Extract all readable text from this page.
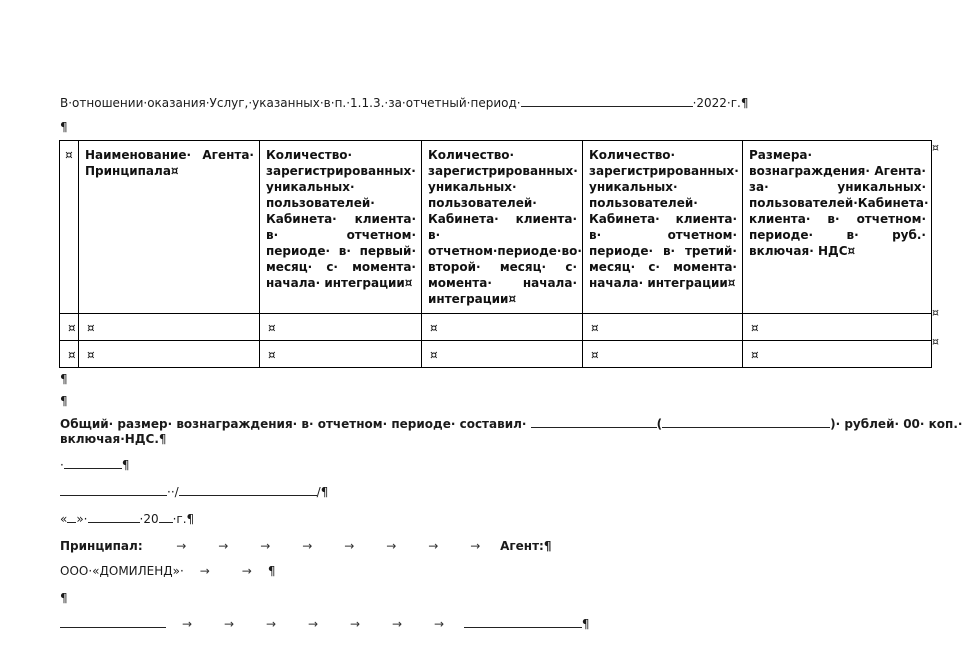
В·отношении·оказания·Услуг,·указанных·в·п.·1.1.3.·за·отчетный·период·	·2022·г.¶
¶
¤	Наименование· Агента· Принципала¤	Количество· зарегистрированных· уникальных· пользователей· Кабинета· клиента· в· отчетном· периоде· в· первый· месяц· с· момента· начала· интеграции¤	Количество· зарегистрированных· уникальных· пользователей· Кабинета· клиента· в· отчетном·периоде·во· второй· месяц· с· момента· начала· интеграции¤	Количество· зарегистрированных· уникальных· пользователей· Кабинета· клиента· в· отчетном· периоде· в· третий· месяц· с· момента· начала· интеграции¤	Размера· вознаграждения· Агента· за· уникальных· пользователей·Кабинета· клиента· в· отчетном· периоде· в· руб.· включая· НДС¤
¤	¤	¤	¤	¤	¤
¤	¤	¤	¤	¤	¤
¤
¤
¤
¶
¶
Общий· размер· вознаграждения· в· отчетном· периоде· составил·	(	)· рублей· 00· коп.·
включая·НДС.¶
·	¶
··/	/¶
« »·	·20 ·г.¶
Принципал:	→	→	→	→	→	→	→	→ Агент:¶
ООО·«ДОМИЛЕНД»· →	→ ¶
¶
→	→	→	→	→	→	→	¶
